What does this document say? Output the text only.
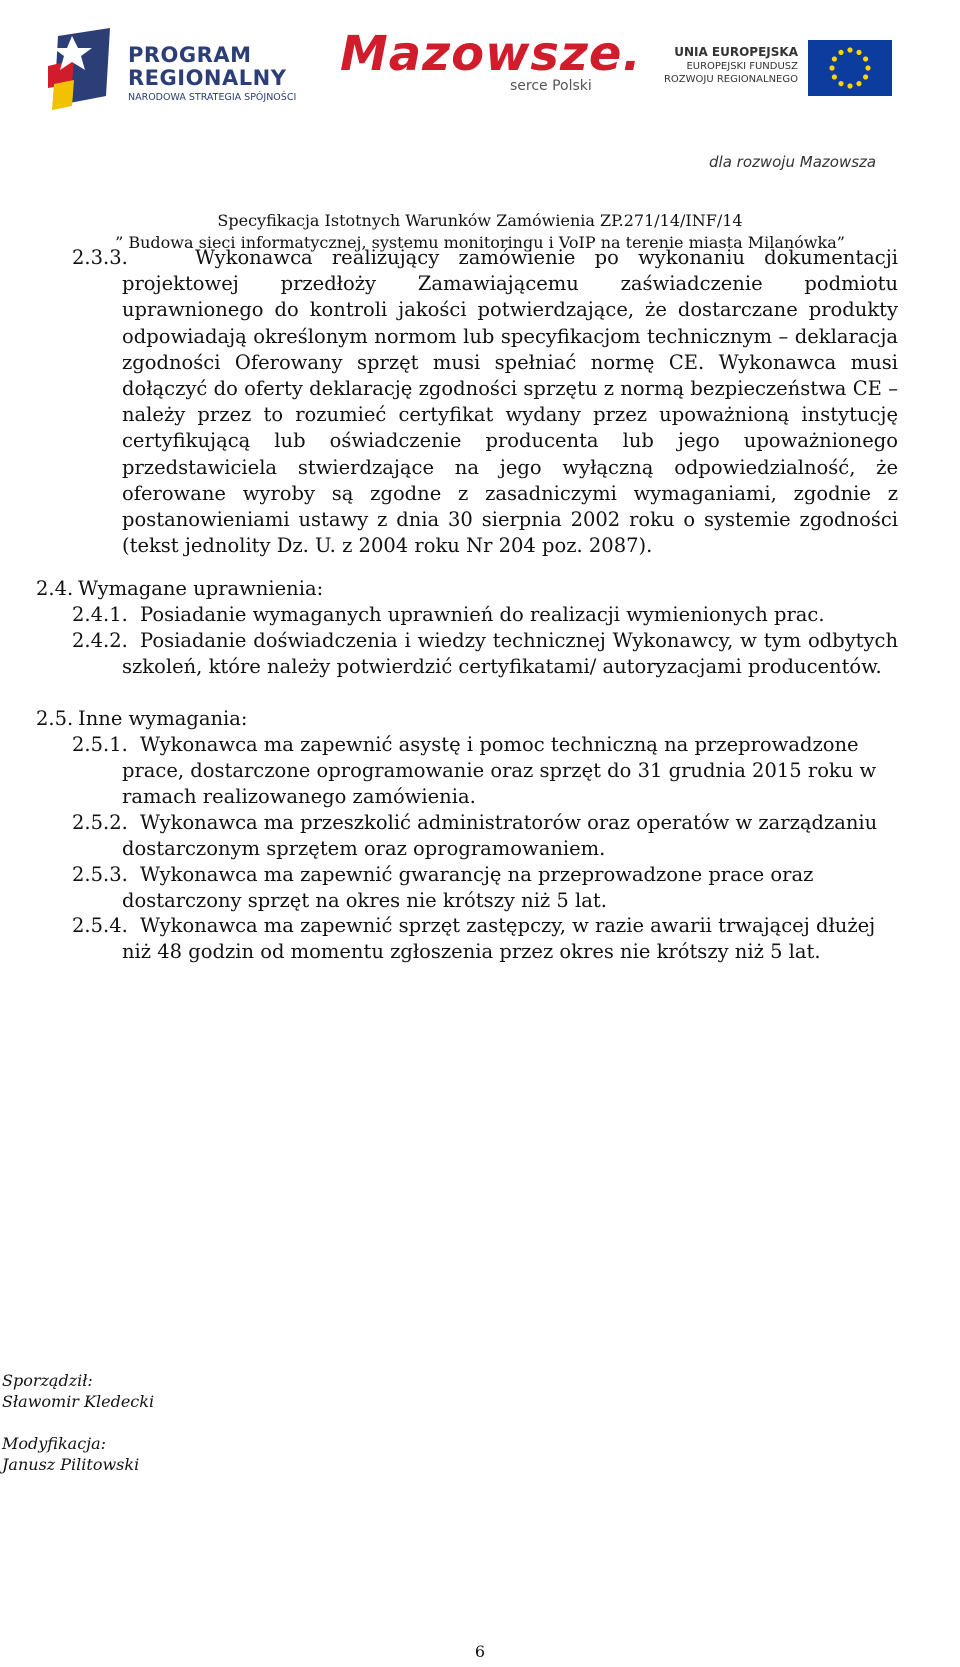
PROGRAM
REGIONALNY
NARODOWA STRATEGIA SPÓJNOŚCI
Mazowsze.
serce Polski
UNIA EUROPEJSKA
EUROPEJSKI FUNDUSZ
ROZWOJU REGIONALNEGO
dla rozwoju Mazowsza
Specyfikacja Istotnych Warunków Zamówienia ZP.271/14/INF/14
” Budowa sieci informatycznej, systemu monitoringu i VoIP na terenie miasta Milanówka”
2.3.3.	Wykonawca realizujący zamówienie po wykonaniu dokumentacji projektowej przedłoży Zamawiającemu zaświadczenie podmiotu uprawnionego do kontroli jakości potwierdzające, że dostarczane produkty odpowiadają określonym normom lub specyfikacjom technicznym – deklaracja zgodności Oferowany sprzęt musi spełniać normę CE. Wykonawca musi dołączyć do oferty deklarację zgodności sprzętu z normą bezpieczeństwa CE – należy przez to rozumieć certyfikat wydany przez upoważnioną instytucję certyfikującą lub oświadczenie producenta lub jego upoważnionego przedstawiciela stwierdzające na jego wyłączną odpowiedzialność, że oferowane wyroby są zgodne z zasadniczymi wymaganiami, zgodnie z postanowieniami ustawy z dnia 30 sierpnia 2002 roku o systemie zgodności (tekst jednolity Dz. U. z 2004 roku Nr 204 poz. 2087).
2.4. Wymagane uprawnienia:
2.4.1. Posiadanie wymaganych uprawnień do realizacji wymienionych prac.
2.4.2. Posiadanie doświadczenia i wiedzy technicznej Wykonawcy, w tym odbytych szkoleń, które należy potwierdzić certyfikatami/ autoryzacjami producentów.
2.5. Inne wymagania:
2.5.1. Wykonawca ma zapewnić asystę i pomoc techniczną na przeprowadzone prace, dostarczone oprogramowanie oraz sprzęt do 31 grudnia 2015 roku w ramach realizowanego zamówienia.
2.5.2. Wykonawca ma przeszkolić administratorów oraz operatów w zarządzaniu dostarczonym sprzętem oraz oprogramowaniem.
2.5.3. Wykonawca ma zapewnić gwarancję na przeprowadzone prace oraz dostarczony sprzęt na okres nie krótszy niż 5 lat.
2.5.4. Wykonawca ma zapewnić sprzęt zastępczy, w razie awarii trwającej dłużej niż 48 godzin od momentu zgłoszenia przez okres nie krótszy niż 5 lat.
Sporządził:
Sławomir Kledecki
Modyfikacja:
Janusz Pilitowski
6
